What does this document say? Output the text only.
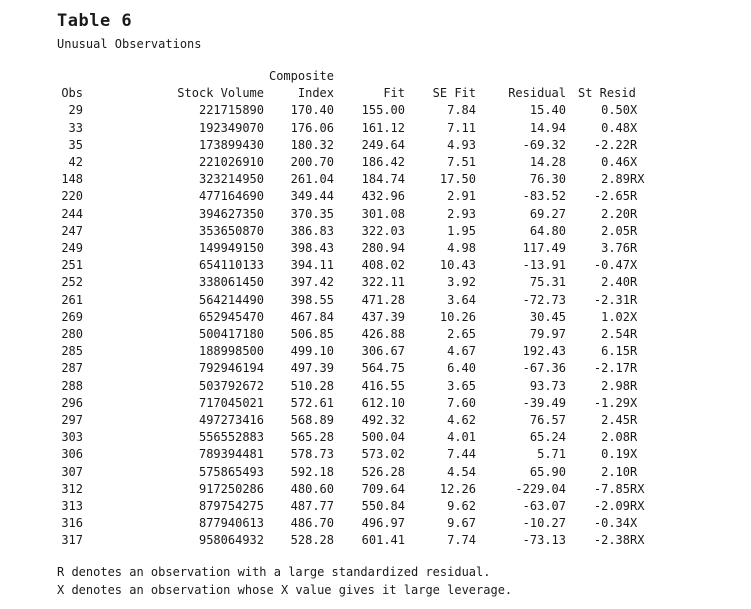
Table 6
Unusual Observations
		Composite				
Obs	Stock Volume	Index	Fit	SE Fit	Residual	St Resid
29	221715890	170.40	155.00	7.84	15.40	0.50X
33	192349070	176.06	161.12	7.11	14.94	0.48X
35	173899430	180.32	249.64	4.93	-69.32	-2.22R
42	221026910	200.70	186.42	7.51	14.28	0.46X
148	323214950	261.04	184.74	17.50	76.30	2.89RX
220	477164690	349.44	432.96	2.91	-83.52	-2.65R
244	394627350	370.35	301.08	2.93	69.27	2.20R
247	353650870	386.83	322.03	1.95	64.80	2.05R
249	149949150	398.43	280.94	4.98	117.49	3.76R
251	654110133	394.11	408.02	10.43	-13.91	-0.47X
252	338061450	397.42	322.11	3.92	75.31	2.40R
261	564214490	398.55	471.28	3.64	-72.73	-2.31R
269	652945470	467.84	437.39	10.26	30.45	1.02X
280	500417180	506.85	426.88	2.65	79.97	2.54R
285	188998500	499.10	306.67	4.67	192.43	6.15R
287	792946194	497.39	564.75	6.40	-67.36	-2.17R
288	503792672	510.28	416.55	3.65	93.73	2.98R
296	717045021	572.61	612.10	7.60	-39.49	-1.29X
297	497273416	568.89	492.32	4.62	76.57	2.45R
303	556552883	565.28	500.04	4.01	65.24	2.08R
306	789394481	578.73	573.02	7.44	5.71	0.19X
307	575865493	592.18	526.28	4.54	65.90	2.10R
312	917250286	480.60	709.64	12.26	-229.04	-7.85RX
313	879754275	487.77	550.84	9.62	-63.07	-2.09RX
316	877940613	486.70	496.97	9.67	-10.27	-0.34X
317	958064932	528.28	601.41	7.74	-73.13	-2.38RX
R denotes an observation with a large standardized residual.
X denotes an observation whose X value gives it large leverage.
